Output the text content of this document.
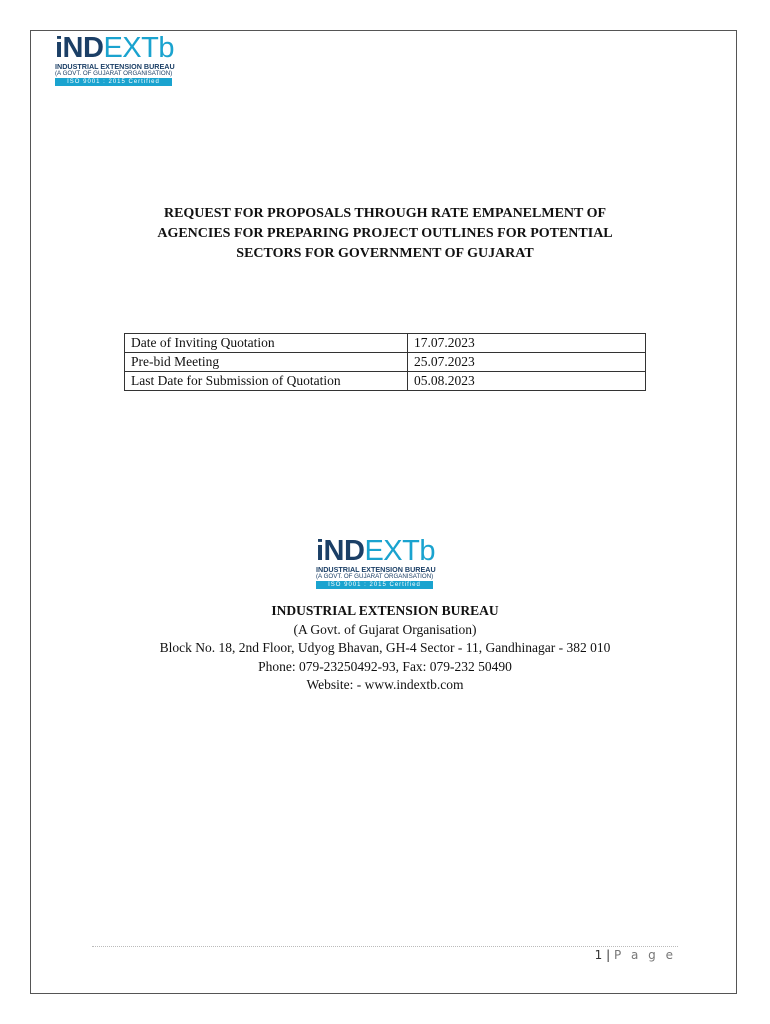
iND EXTb
INDUSTRIAL EXTENSION BUREAU
(A GOVT. OF GUJARAT ORGANISATION)
ISO 9001 : 2015 Certified
REQUEST FOR PROPOSALS THROUGH RATE EMPANELMENT OF
AGENCIES FOR PREPARING PROJECT OUTLINES FOR POTENTIAL
SECTORS FOR GOVERNMENT OF GUJARAT
Date of Inviting Quotation	17.07.2023
Pre-bid Meeting	25.07.2023
Last Date for Submission of Quotation	05.08.2023
iND EXTb
INDUSTRIAL EXTENSION BUREAU
(A GOVT. OF GUJARAT ORGANISATION)
ISO 9001 : 2015 Certified
INDUSTRIAL EXTENSION BUREAU
(A Govt. of Gujarat Organisation)
Block No. 18, 2nd Floor, Udyog Bhavan, GH-4 Sector - 11, Gandhinagar - 382 010
Phone: 079-23250492-93, Fax: 079-232 50490
Website: - www.indextb.com
1 | P a g e
